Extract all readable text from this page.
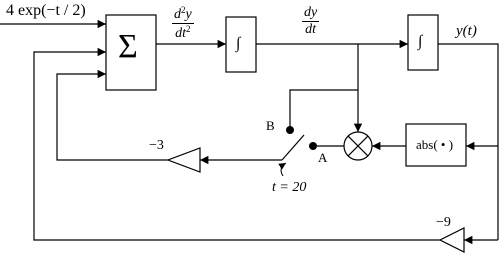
4 exp(−t / 2)
Σ	∫	∫
$\frac{d^2y}{dt^2}$	$\frac{dy}{dt}$	y(t)
abs( • )
−3
−9
B
A
t = 20
